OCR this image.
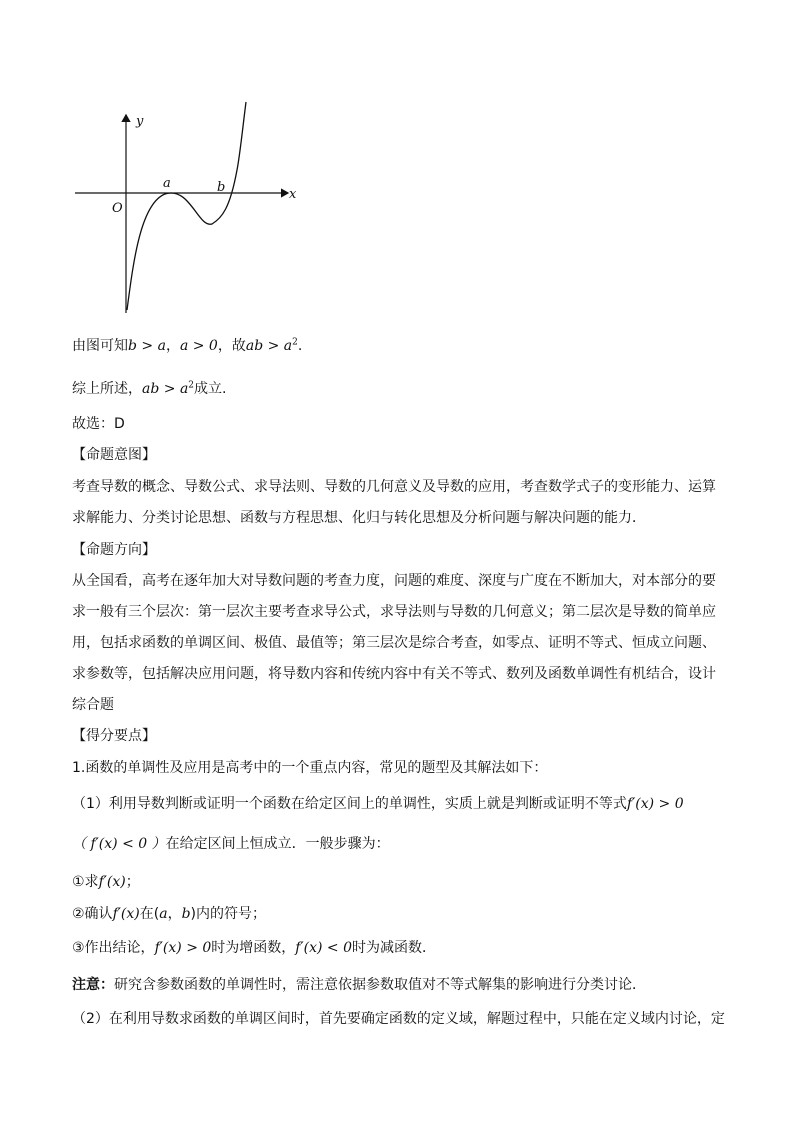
y
x
O
a	b
由图可知b > a，a > 0，故ab > $a^2$.
综上所述，ab > $a^2$成立.
故选：D
【命题意图】
考查导数的概念、导数公式、求导法则、导数的几何意义及导数的应用，考查数学式子的变形能力、运算
求解能力、分类讨论思想、函数与方程思想、化归与转化思想及分析问题与解决问题的能力．
【命题方向】
从全国看，高考在逐年加大对导数问题的考查力度，问题的难度、深度与广度在不断加大，对本部分的要
求一般有三个层次：第一层次主要考查求导公式，求导法则与导数的几何意义；第二层次是导数的简单应
用，包括求函数的单调区间、极值、最值等；第三层次是综合考查，如零点、证明不等式、恒成立问题、
求参数等，包括解决应用问题，将导数内容和传统内容中有关不等式、数列及函数单调性有机结合，设计
综合题
【得分要点】
1.函数的单调性及应用是高考中的一个重点内容，常见的题型及其解法如下：
（1）利用导数判断或证明一个函数在给定区间上的单调性，实质上就是判断或证明不等式f′(x) > 0
（ f′(x) < 0 ）在给定区间上恒成立．一般步骤为：
①求f′(x)；
②确认f′(x)在(a，b)内的符号；
③作出结论，f′(x) > 0时为增函数，f′(x) < 0时为减函数．
注意：研究含参数函数的单调性时，需注意依据参数取值对不等式解集的影响进行分类讨论．
（2）在利用导数求函数的单调区间时，首先要确定函数的定义域，解题过程中，只能在定义域内讨论，定
